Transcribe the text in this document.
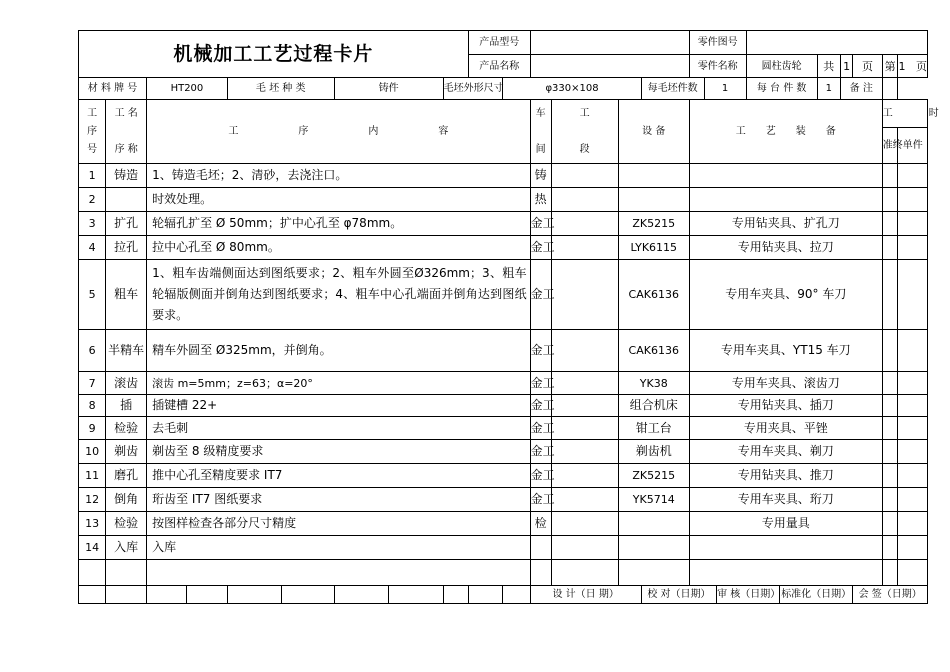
机械加工工艺过程卡片									产品型号						零件图号									
									产品名称						零件名称			圆柱齿轮		共	1	页	第	1 页
材 料 牌 号		HT200		毛 坯 种 类		铸件		毛坯外形尺寸		φ330×108				每毛坯件数		1		每 台 件 数		1	备 注			
工
序
号	工 名

序 称	工 序 内 容									车

间	工

段	设 备		工 艺 装 备								工 时	
																							准终	单件
1	铸造	1、铸造毛坯；2、清砂，去浇注口。									铸													
2		时效处理。									热													
3	扩孔	轮辐孔扩至 Ø 50mm；扩中心孔至 φ78mm。									金工		ZK5215		专用钻夹具、扩孔刀									
4	拉孔	拉中心孔至 Ø 80mm。									金工		LYK6115		专用钻夹具、拉刀									
5	粗车	1、粗车齿端侧面达到图纸要求；2、粗车外圆至Ø326mm；3、粗车轮辐版侧面并倒角达到图纸要求；4、粗车中心孔端面并倒角达到图纸要求。									金工		CAK6136		专用车夹具、90° 车刀									
6	半精车	精车外圆至 Ø325mm，并倒角。									金工		CAK6136		专用车夹具、YT15 车刀									
7	滚齿	滚齿 m=5mm；z=63；α=20°									金工		YK38		专用车夹具、滚齿刀									
8	插	插键槽 22+									金工		组合机床		专用钻夹具、插刀									
9	检验	去毛刺									金工		钳工台		专用夹具、平锉									
10	剃齿	剃齿至 8 级精度要求									金工		剃齿机		专用车夹具、剃刀									
11	磨孔	推中心孔至精度要求 IT7									金工		ZK5215		专用钻夹具、推刀									
12	倒角	珩齿至 IT7 图纸要求									金工		YK5714		专用车夹具、珩刀									
13	检验	按图样检查各部分尺寸精度									检				专用量具									
14	入库	入库																						

											设 计（日 期）			校 对（日期）			审 核（日期）		标准化（日期）			会 签（日期）		
